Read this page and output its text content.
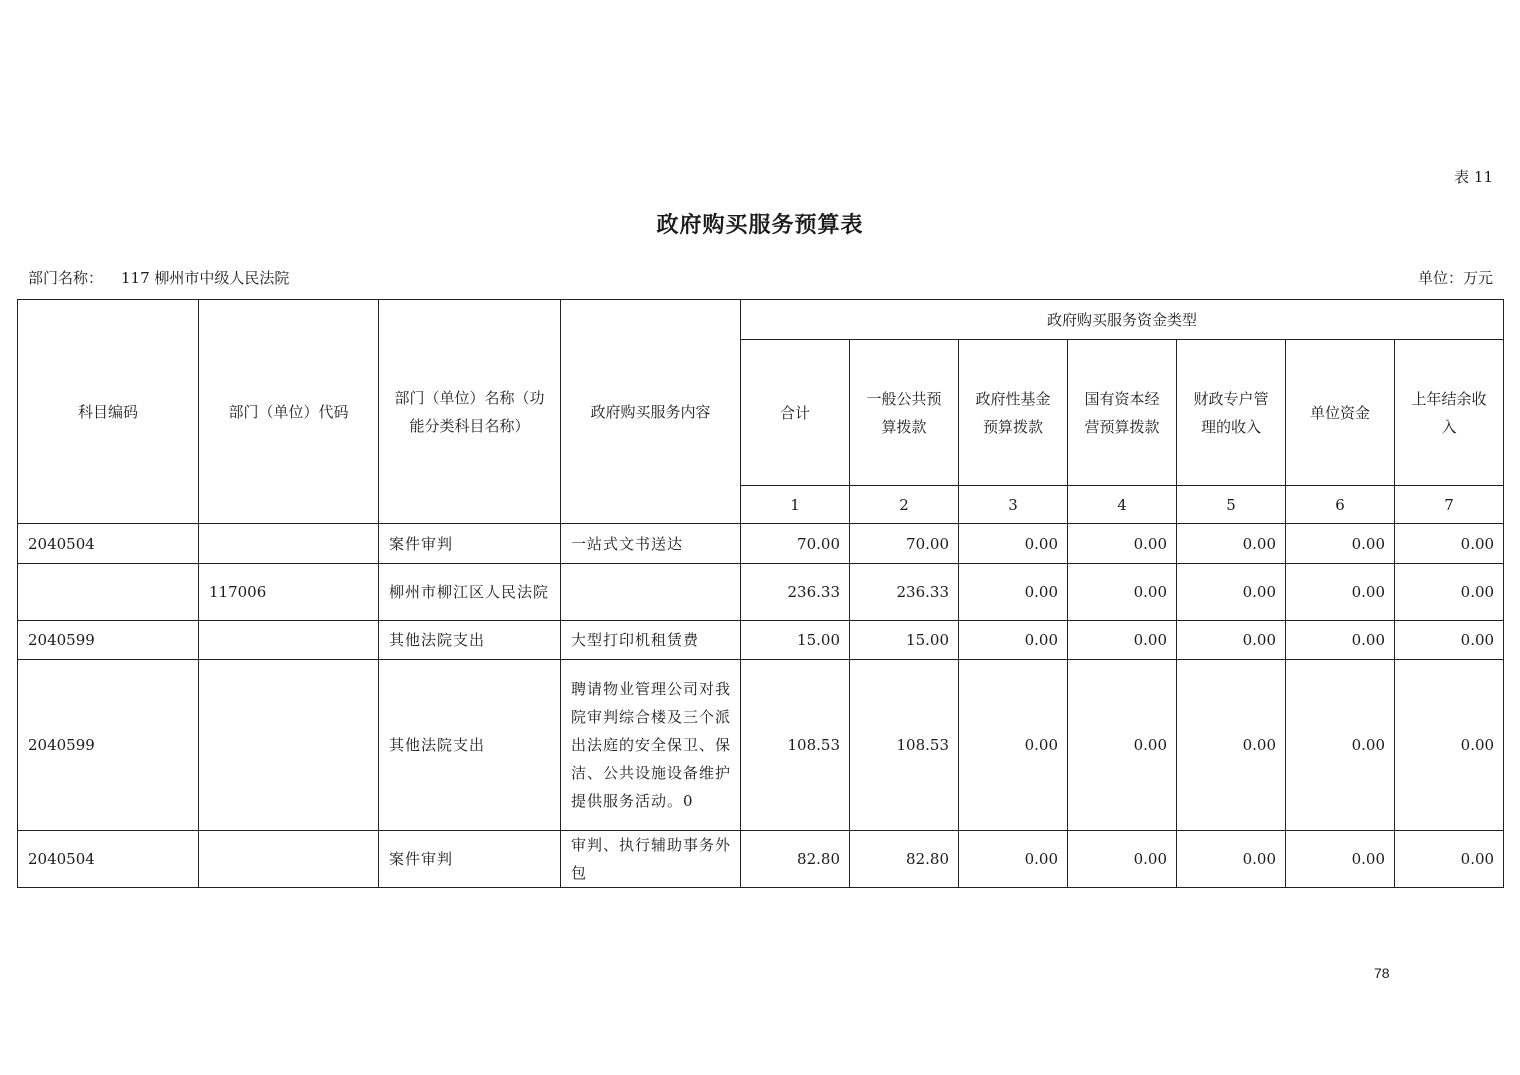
表 11
政府购买服务预算表
部门名称： 117 柳州市中级人民法院	单位：万元
科目编码	部门（单位）代码	部门（单位）名称（功能分类科目名称）	政府购买服务内容	政府购买服务资金类型						
				合计	一般公共预算拨款	政府性基金预算拨款	国有资本经营预算拨款	财政专户管理的收入	单位资金	上年结余收入
				1	2	3	4	5	6	7
2040504		案件审判	一站式文书送达	70.00	70.00	0.00	0.00	0.00	0.00	0.00
	117006	柳州市柳江区人民法院		236.33	236.33	0.00	0.00	0.00	0.00	0.00
2040599		其他法院支出	大型打印机租赁费	15.00	15.00	0.00	0.00	0.00	0.00	0.00
2040599		其他法院支出	聘请物业管理公司对我院审判综合楼及三个派出法庭的安全保卫、保洁、公共设施设备维护提供服务活动。0	108.53	108.53	0.00	0.00	0.00	0.00	0.00
2040504		案件审判	审判、执行辅助事务外包	82.80	82.80	0.00	0.00	0.00	0.00	0.00
78
